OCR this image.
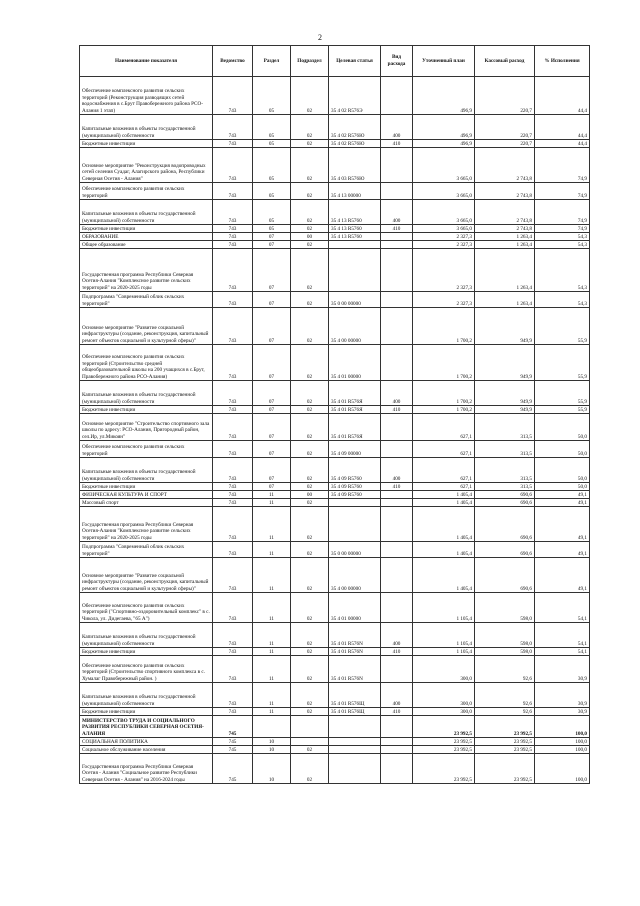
2
Наименование показателя	Ведомство	Раздел	Подраздел	Целевая статья	Вид расхода	Уточненный план	Кассовый расход	% Исполнения
Обеспечение комплексного развития сельских территорий (Реконструкция разводящих сетей водоснабжения в с.Брут Правобережного района РСО-Алания 1 этап)	743	05	02	35 4 02 R576Э		496,9	220,7	44,4
Капитальные вложения в объекты государственной (муниципальной) собственности	743	05	02	35 4 02 R576Ю	400	496,9	220,7	44,4
Бюджетные инвестиции	743	05	02	35 4 02 R576Ю	410	496,9	220,7	44,4
Основное мероприятие "Реконструкция водопроводных сетей селения Суадаг, Алагирского района, Республики Северная Осетия - Алания"	743	05	02	35 4 03 R576Ю		3 665,0	2 743,8	74,9
Обеспечение комплексного развития сельских территорий	743	05	02	35 4 13 00000		3 665,0	2 743,8	74,9
Капитальные вложения в объекты государственной (муниципальной) собственности	743	05	02	35 4 13 R5760	400	3 665,0	2 743,8	74,9
Бюджетные инвестиции	743	05	02	35 4 13 R5760	410	3 665,0	2 743,8	74,9
ОБРАЗОВАНИЕ	743	07	00	35 4 13 R5760		2 327,3	1 263,4	54,3
Общее образование	743	07	02			2 327,3	1 263,4	54,3
Государственная программа Республики Северная Осетия-Алания "Комплексное развитие сельских территорий" на 2020-2025 годы	743	07	02			2 327,3	1 263,4	54,3
Подпрограмма "Современный облик сельских территорий"	743	07	02	35 0 00 00000		2 327,3	1 263,4	54,3
Основное мероприятие "Развитие социальной инфраструктуры (создание, реконструкция, капитальный ремонт объектов социальной и культурной сферы)"	743	07	02	35 4 00 00000		1 700,2	949,9	55,9
Обеспечение комплексного развития сельских территорий (Строительство средней общеобразовательной школы на 200 учащихся в с.Брут, Правобережного района РСО-Алания)	743	07	02	35 4 01 00000		1 700,2	949,9	55,9
Капитальные вложения в объекты государственной (муниципальной) собственности	743	07	02	35 4 01 R576Я	400	1 700,2	949,9	55,9
Бюджетные инвестиции	743	07	02	35 4 01 R576Я	410	1 700,2	949,9	55,9
Основное мероприятие "Строительство спортивного зала школы по адресу: РСО-Алания, Пригородный район, сел.Ир, ул.Микоян"	743	07	02	35 4 01 R576Я		627,1	313,5	50,0
Обеспечение комплексного развития сельских территорий	743	07	02	35 4 09 00000		627,1	313,5	50,0
Капитальные вложения в объекты государственной (муниципальной) собственности	743	07	02	35 4 09 R5760	400	627,1	313,5	50,0
Бюджетные инвестиции	743	07	02	35 4 09 R5760	410	627,1	313,5	50,0
ФИЗИЧЕСКАЯ КУЛЬТУРА И СПОРТ	743	11	00	35 4 09 R5760		1 405,4	690,6	49,1
Массовый спорт	743	11	02			1 405,4	690,6	49,1
Государственная программа Республики Северная Осетия-Алания "Комплексное развитие сельских территорий" на 2020-2025 годы	743	11	02			1 405,4	690,6	49,1
Подпрограмма "Современный облик сельских территорий"	743	11	02	35 0 00 00000		1 405,4	690,6	49,1
Основное мероприятие "Развитие социальной инфраструктуры (создание, реконструкция, капитальный ремонт объектов социальной и культурной сферы)"	743	11	02	35 4 00 00000		1 405,4	690,6	49,1
Обеспечение комплексного развития сельских территорий ("Спортивно-оздоровительный комплекс" в с. Чикола, ул. Дидегаева, "65 А")	743	11	02	35 4 01 00000		1 105,4	598,0	54,1
Капитальные вложения в объекты государственной (муниципальной) собственности	743	11	02	35 4 01 R576N	400	1 105,4	598,0	54,1
Бюджетные инвестиции	743	11	02	35 4 01 R576N	410	1 105,4	598,0	54,1
Обеспечение комплексного развития сельских территорий (Строительство спортивного комплекса в с. Хумалаг Правобережный район. )	743	11	02	35 4 01 R576N		300,0	92,6	30,9
Капитальные вложения в объекты государственной (муниципальной) собственности	743	11	02	35 4 01 R576Щ	400	300,0	92,6	30,9
Бюджетные инвестиции	743	11	02	35 4 01 R576Щ	410	300,0	92,6	30,9
МИНИСТЕРСТВО ТРУДА И СОЦИАЛЬНОГО РАЗВИТИЯ РЕСПУБЛИКИ СЕВЕРНАЯ ОСЕТИЯ-АЛАНИЯ	745					23 992,5	23 992,5	100,0
СОЦИАЛЬНАЯ ПОЛИТИКА	745	10				23 992,5	23 992,5	100,0
Социальное обслуживание населения	745	10	02			23 992,5	23 992,5	100,0
Государственная программа Республики Северная Осетия - Алания "Социальное развитие Республики Северная Осетия - Алания" на 2016-2024 годы	745	10	02			23 992,5	23 992,5	100,0
